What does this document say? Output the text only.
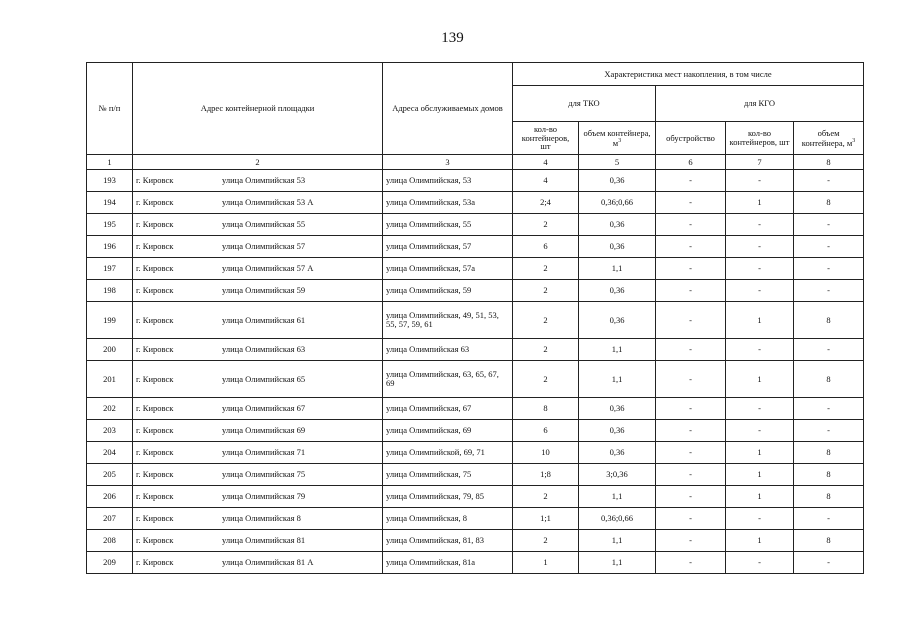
139
№ п/п	Адрес контейнерной площадки	Адреса обслуживаемых домов	Характеристика мест накопления, в том числе				
			для ТКО		для КГО		
			кол-во контейнеров, шт	объем контейнера, $м^3$	обустройство	кол-во контейнеров, шт	объем контейнера, $м^3$
1	2	3	4	5	6	7	8
193	г. Кировск улица Олимпийская 53	улица Олимпийская, 53	4	0,36	-	-	-
194	г. Кировск улица Олимпийская 53 А	улица Олимпийская, 53а	2;4	0,36;0,66	-	1	8
195	г. Кировск улица Олимпийская 55	улица Олимпийская, 55	2	0,36	-	-	-
196	г. Кировск улица Олимпийская 57	улица Олимпийская, 57	6	0,36	-	-	-
197	г. Кировск улица Олимпийская 57 А	улица Олимпийская, 57а	2	1,1	-	-	-
198	г. Кировск улица Олимпийская 59	улица Олимпийская, 59	2	0,36	-	-	-
199	г. Кировск улица Олимпийская 61	улица Олимпийская, 49, 51, 53, 55, 57, 59, 61	2	0,36	-	1	8
200	г. Кировск улица Олимпийская 63	улица Олимпийская 63	2	1,1	-	-	-
201	г. Кировск улица Олимпийская 65	улица Олимпийская, 63, 65, 67, 69	2	1,1	-	1	8
202	г. Кировск улица Олимпийская 67	улица Олимпийская, 67	8	0,36	-	-	-
203	г. Кировск улица Олимпийская 69	улица Олимпийская, 69	6	0,36	-	-	-
204	г. Кировск улица Олимпийская 71	улица Олимпийской, 69, 71	10	0,36	-	1	8
205	г. Кировск улица Олимпийская 75	улица Олимпийская, 75	1;8	3;0,36	-	1	8
206	г. Кировск улица Олимпийская 79	улица Олимпийская, 79, 85	2	1,1	-	1	8
207	г. Кировск улица Олимпийская 8	улица Олимпийская, 8	1;1	0,36;0,66	-	-	-
208	г. Кировск улица Олимпийская 81	улица Олимпийская, 81, 83	2	1,1	-	1	8
209	г. Кировск улица Олимпийская 81 А	улица Олимпийская, 81а	1	1,1	-	-	-
